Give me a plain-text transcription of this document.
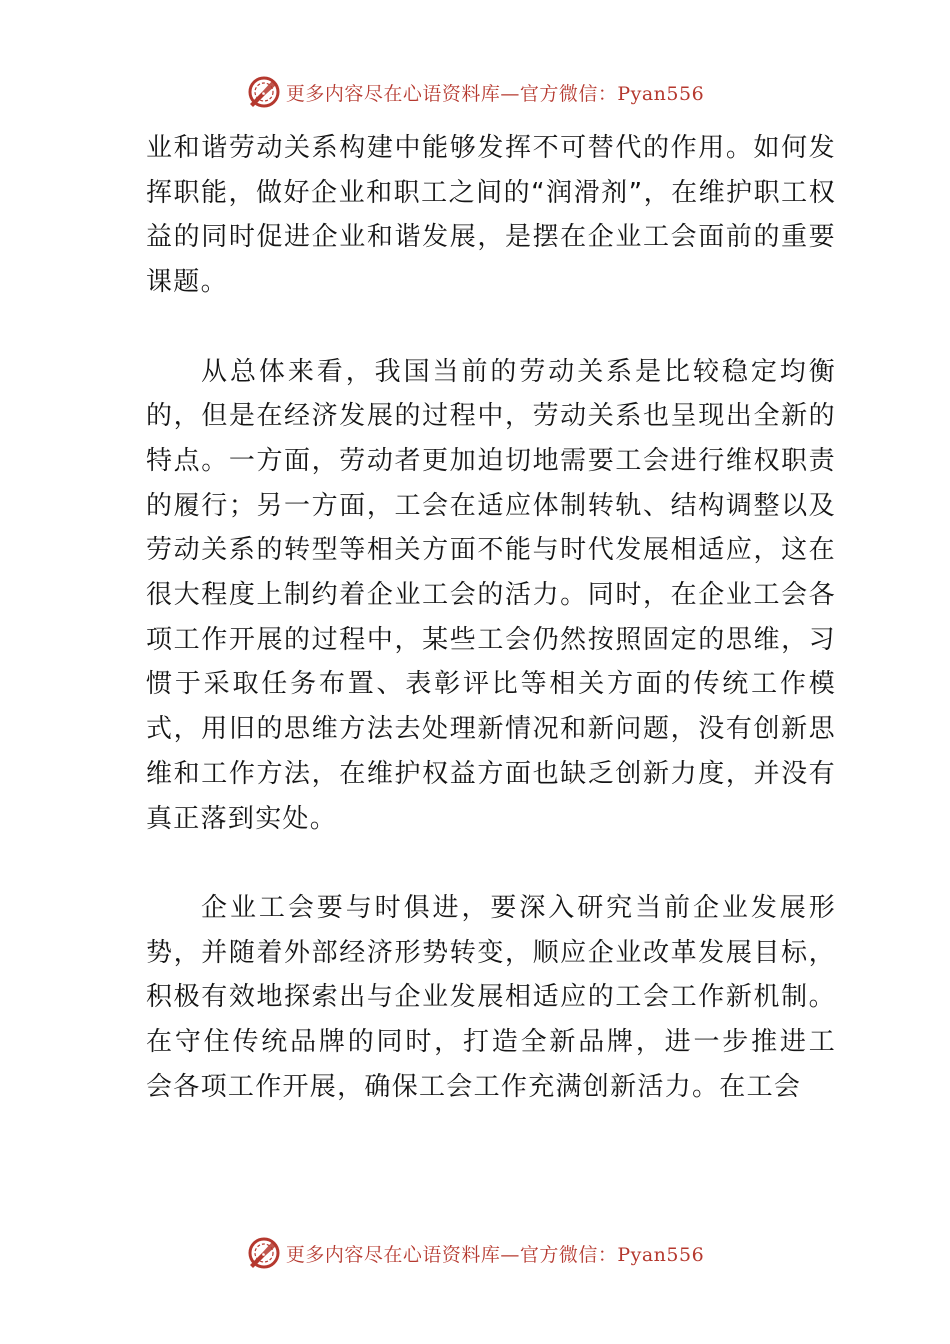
更多内容尽在心语资料库—官方微信：Pyan556

业和谐劳动关系构建中能够发挥不可替代的作用。如何发挥职能，做好企业和职工之间的“润滑剂”，在维护职工权益的同时促进企业和谐发展，是摆在企业工会面前的重要课题。

从总体来看，我国当前的劳动关系是比较稳定均衡的，但是在经济发展的过程中，劳动关系也呈现出全新的特点。一方面，劳动者更加迫切地需要工会进行维权职责的履行；另一方面，工会在适应体制转轨、结构调整以及劳动关系的转型等相关方面不能与时代发展相适应，这在很大程度上制约着企业工会的活力。同时，在企业工会各项工作开展的过程中，某些工会仍然按照固定的思维，习惯于采取任务布置、表彰评比等相关方面的传统工作模式，用旧的思维方法去处理新情况和新问题，没有创新思维和工作方法，在维护权益方面也缺乏创新力度，并没有真正落到实处。

企业工会要与时俱进，要深入研究当前企业发展形势，并随着外部经济形势转变，顺应企业改革发展目标， 积极有效地探索出与企业发展相适应的工会工作新机制。在守住传统品牌的同时，打造全新品牌，进一步推进工 会各项工作开展，确保工会工作充满创新活力。在工会

更多内容尽在心语资料库—官方微信：Pyan556
